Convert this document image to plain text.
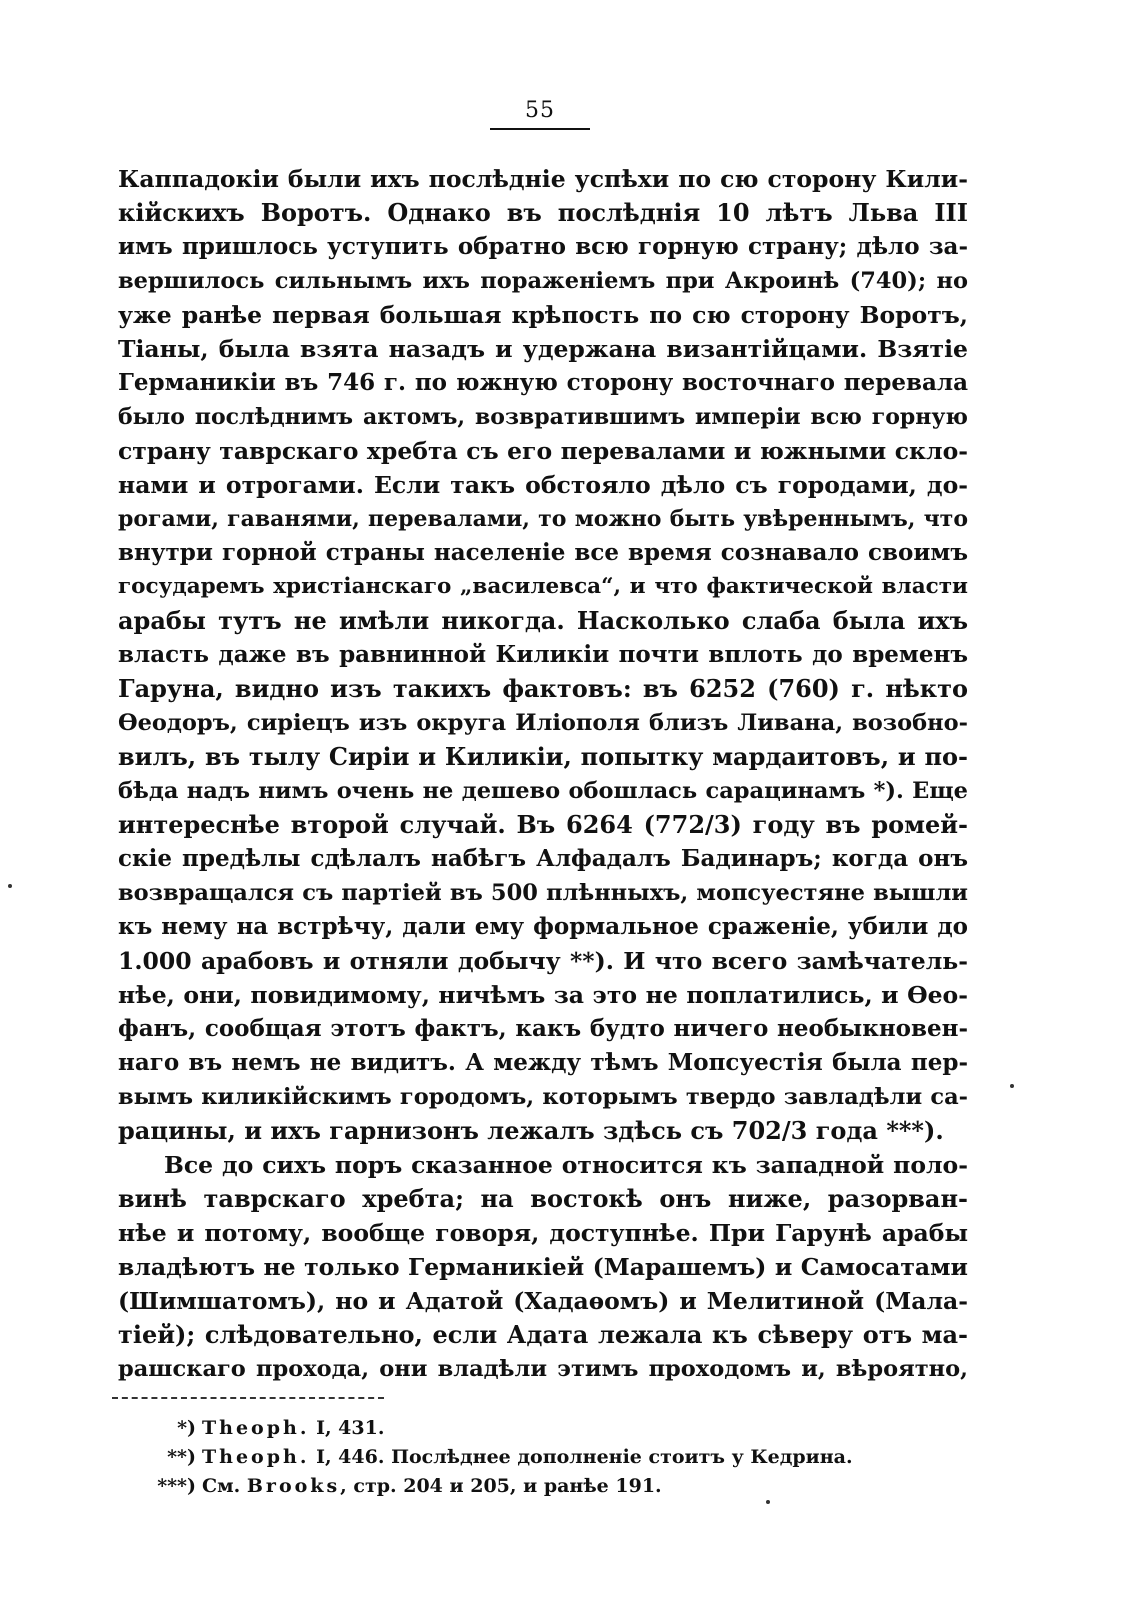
55
Каппадокіи были ихъ послѣдніе успѣхи по сю сторону Кили-
кійскихъ Воротъ. Однако въ послѣднія 10 лѣтъ Льва III
имъ пришлось уступить обратно всю горную страну; дѣло за-
вершилось сильнымъ ихъ пораженіемъ при Акроинѣ (740); но
уже ранѣе первая большая крѣпость по сю сторону Воротъ,
Тіаны, была взята назадъ и удержана византійцами. Взятіе
Германикіи въ 746 г. по южную сторону восточнаго перевала
было послѣднимъ актомъ, возвратившимъ имперіи всю горную
страну таврскаго хребта съ его перевалами и южными скло-
нами и отрогами. Если такъ обстояло дѣло съ городами, до-
рогами, гаванями, перевалами, то можно быть увѣреннымъ, что
внутри горной страны населеніе все время сознавало своимъ
государемъ христіанскаго „василевса“, и что фактической власти
арабы тутъ не имѣли никогда. Насколько слаба была ихъ
власть даже въ равнинной Киликіи почти вплоть до временъ
Гаруна, видно изъ такихъ фактовъ: въ 6252 (760) г. нѣкто
Ѳеодоръ, сиріецъ изъ округа Иліополя близъ Ливана, возобно-
вилъ, въ тылу Сиріи и Киликіи, попытку мардаитовъ, и по-
бѣда надъ нимъ очень не дешево обошлась сарацинамъ *). Еще
интереснѣе второй случай. Въ 6264 (772/3) году въ ромей-
скіе предѣлы сдѣлалъ набѣгъ Алфадалъ Бадинаръ; когда онъ
возвращался съ партіей въ 500 плѣнныхъ, мопсуестяне вышли
къ нему на встрѣчу, дали ему формальное сраженіе, убили до
1.000 арабовъ и отняли добычу **). И что всего замѣчатель-
нѣе, они, повидимому, ничѣмъ за это не поплатились, и Ѳео-
фанъ, сообщая этотъ фактъ, какъ будто ничего необыкновен-
наго въ немъ не видитъ. А между тѣмъ Мопсуестія была пер-
вымъ киликійскимъ городомъ, которымъ твердо завладѣли са-
рацины, и ихъ гарнизонъ лежалъ здѣсь съ 702/3 года ***).
Все до сихъ поръ сказанное относится къ западной поло-
винѣ таврскаго хребта; на востокѣ онъ ниже, разорван-
нѣе и потому, вообще говоря, доступнѣе. При Гарунѣ арабы
владѣютъ не только Германикіей (Марашемъ) и Самосатами
(Шимшатомъ), но и Адатой (Хадаѳомъ) и Мелитиной (Мала-
тіей); слѣдовательно, если Адата лежала къ сѣверу отъ ма-
рашскаго прохода, они владѣли этимъ проходомъ и, вѣроятно,
*) Theoph. I, 431.
**) Theoph. I, 446. Послѣднее дополненіе стоитъ у Кедрина.
***) См. Brooks, стр. 204 и 205, и ранѣе 191.
